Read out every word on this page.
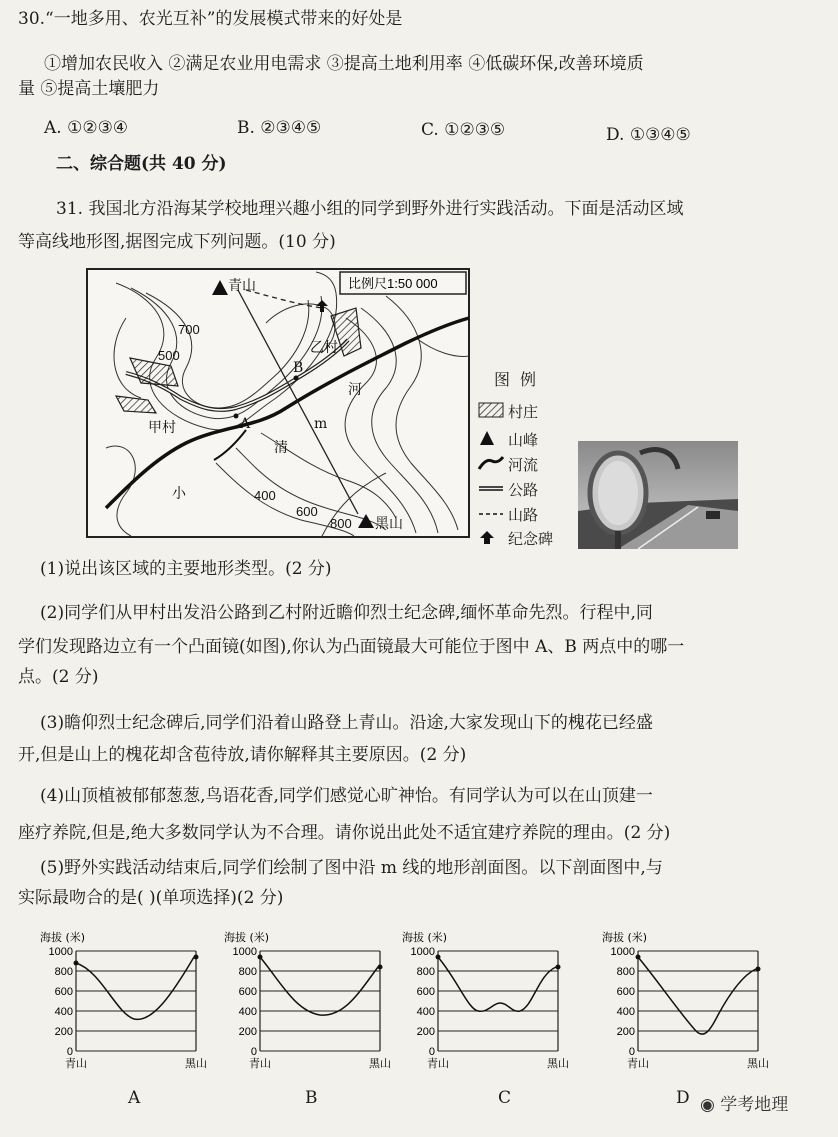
30.“一地多用、农光互补”的发展模式带来的好处是
①增加农民收入 ②满足农业用电需求 ③提高土地利用率 ④低碳环保,改善环境质
量 ⑤提高土壤肥力
A. ①②③④	B. ②③④⑤	C. ①②③⑤	D. ①③④⑤
二、综合题(共 40 分)
31. 我国北方沿海某学校地理兴趣小组的同学到野外进行实践活动。下面是活动区域
等高线地形图,据图完成下列问题。(10 分)
比例尺1:50 000
青山
黑山
甲村
乙村
A
B
m
小
清
河
700
500
400
600
800
图例
村庄
山峰
河流
公路
山路
纪念碑
(1)说出该区域的主要地形类型。(2 分)
(2)同学们从甲村出发沿公路到乙村附近瞻仰烈士纪念碑,缅怀革命先烈。行程中,同
学们发现路边立有一个凸面镜(如图),你认为凸面镜最大可能位于图中 A、B 两点中的哪一
点。(2 分)
(3)瞻仰烈士纪念碑后,同学们沿着山路登上青山。沿途,大家发现山下的槐花已经盛
开,但是山上的槐花却含苞待放,请你解释其主要原因。(2 分)
(4)山顶植被郁郁葱葱,鸟语花香,同学们感觉心旷神怡。有同学认为可以在山顶建一
座疗养院,但是,绝大多数同学认为不合理。请你说出此处不适宜建疗养院的理由。(2 分)
(5)野外实践活动结束后,同学们绘制了图中沿 m 线的地形剖面图。以下剖面图中,与
实际最吻合的是( )(单项选择)(2 分)
海拔 (米)
1000
800
600
400
200
0
青山	黑山
海拔 (米)
1000
800
600
400
200
0
青山	黑山
海拔 (米)
1000
800
600
400
200
0
青山	黑山
海拔 (米)
1000
800
600
400
200
0
青山	黑山
A	B	C	D ◉ 学考地理
